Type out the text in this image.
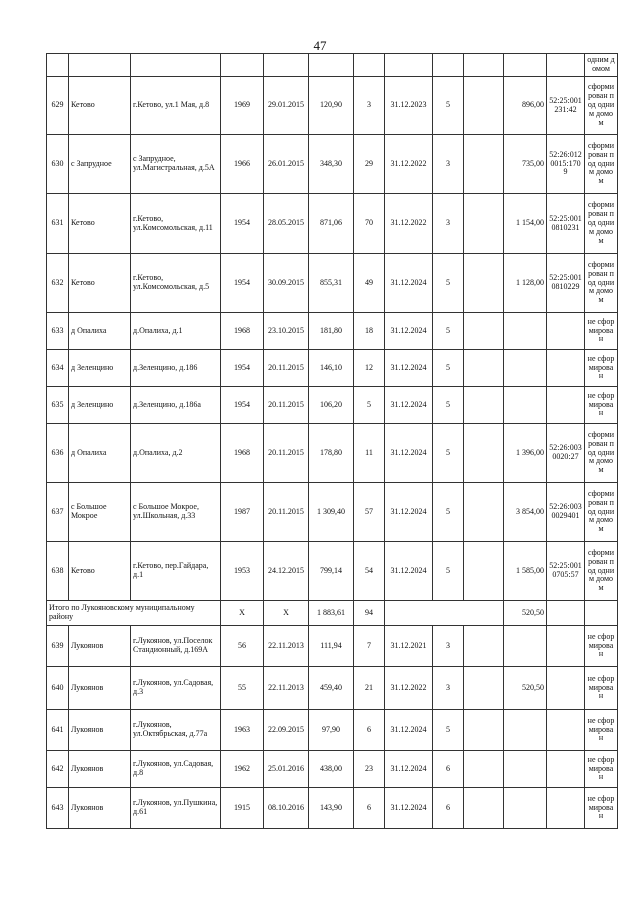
47
												одним домом
629	Кетово	г.Кетово, ул.1 Мая, д.8	1969	29.01.2015	120,90	3	31.12.2023	5		896,00	52:25:001231:42	сформирован под одним домом
630	с Запрудное	с Запрудное, ул.Магистральная, д.5А	1966	26.01.2015	348,30	29	31.12.2022	3		735,00	52:26:0120015:1709	сформирован под одним домом
631	Кетово	г.Кетово, ул.Комсомольская, д.11	1954	28.05.2015	871,06	70	31.12.2022	3		1 154,00	52:25:0010810231	сформирован под одним домом
632	Кетово	г.Кетово, ул.Комсомольская, д.5	1954	30.09.2015	855,31	49	31.12.2024	5		1 128,00	52:25:0010810229	сформирован под одним домом
633	д Опалиха	д.Опалиха, д.1	1968	23.10.2015	181,80	18	31.12.2024	5				не сформирован
634	д Зеленцино	д.Зеленцино, д.186	1954	20.11.2015	146,10	12	31.12.2024	5				не сформирован
635	д Зеленцино	д.Зеленцино, д.186а	1954	20.11.2015	106,20	5	31.12.2024	5				не сформирован
636	д Опалиха	д.Опалиха, д.2	1968	20.11.2015	178,80	11	31.12.2024	5		1 396,00	52:26:0030020:27	сформирован под одним домом
637	с Большое Мокрое	с Большое Мокрое, ул.Школьная, д.33	1987	20.11.2015	1 309,40	57	31.12.2024	5		3 854,00	52:26:0030029401	сформирован под одним домом
638	Кетово	г.Кетово, пер.Гайдара, д.1	1953	24.12.2015	799,14	54	31.12.2024	5		1 585,00	52:25:0010705:57	сформирован под одним домом
Итого по Лукояновскому муниципальному району			X	X	1 883,61	94				520,50		
639	Лукоянов	г.Лукоянов, ул.Поселок Стандионный, д.169А	56	22.11.2013	111,94	7	31.12.2021	3				не сформирован
640	Лукоянов	г.Лукоянов, ул.Садовая, д.3	55	22.11.2013	459,40	21	31.12.2022	3		520,50		не сформирован
641	Лукоянов	г.Лукоянов, ул.Октябрьская, д.77а	1963	22.09.2015	97,90	6	31.12.2024	5				не сформирован
642	Лукоянов	г.Лукоянов, ул.Садовая, д.8	1962	25.01.2016	438,00	23	31.12.2024	6				не сформирован
643	Лукоянов	г.Лукоянов, ул.Пушкина, д.61	1915	08.10.2016	143,90	6	31.12.2024	6				не сформирован
